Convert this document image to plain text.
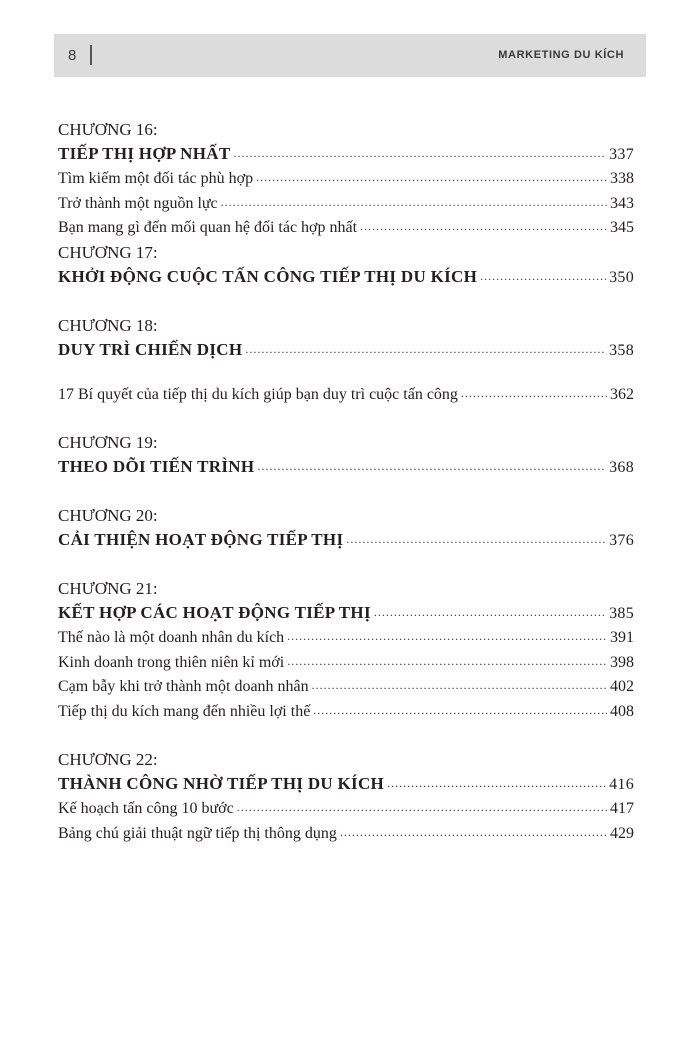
8	MARKETING DU KÍCH
CHƯƠNG 16:
TIẾP THỊ HỢP NHẤT .....	337
Tìm kiếm một đối tác phù hợp .....	338
Trở thành một nguồn lực .....	343
Bạn mang gì đến mối quan hệ đối tác hợp nhất .....	345
CHƯƠNG 17:
KHỞI ĐỘNG CUỘC TẤN CÔNG TIẾP THỊ DU KÍCH .....	350
CHƯƠNG 18:
DUY TRÌ CHIẾN DỊCH .....	358
17 Bí quyết của tiếp thị du kích giúp bạn duy trì cuộc tấn công .....	362
CHƯƠNG 19:
THEO DÕI TIẾN TRÌNH .....	368
CHƯƠNG 20:
CẢI THIỆN HOẠT ĐỘNG TIẾP THỊ .....	376
CHƯƠNG 21:
KẾT HỢP CÁC HOẠT ĐỘNG TIẾP THỊ .....	385
Thế nào là một doanh nhân du kích .....	391
Kinh doanh trong thiên niên kỉ mới .....	398
Cạm bẫy khi trở thành một doanh nhân .....	402
Tiếp thị du kích mang đến nhiều lợi thế .....	408
CHƯƠNG 22:
THÀNH CÔNG NHỜ TIẾP THỊ DU KÍCH .....	416
Kế hoạch tấn công 10 bước .....	417
Bảng chú giải thuật ngữ tiếp thị thông dụng .....	429
